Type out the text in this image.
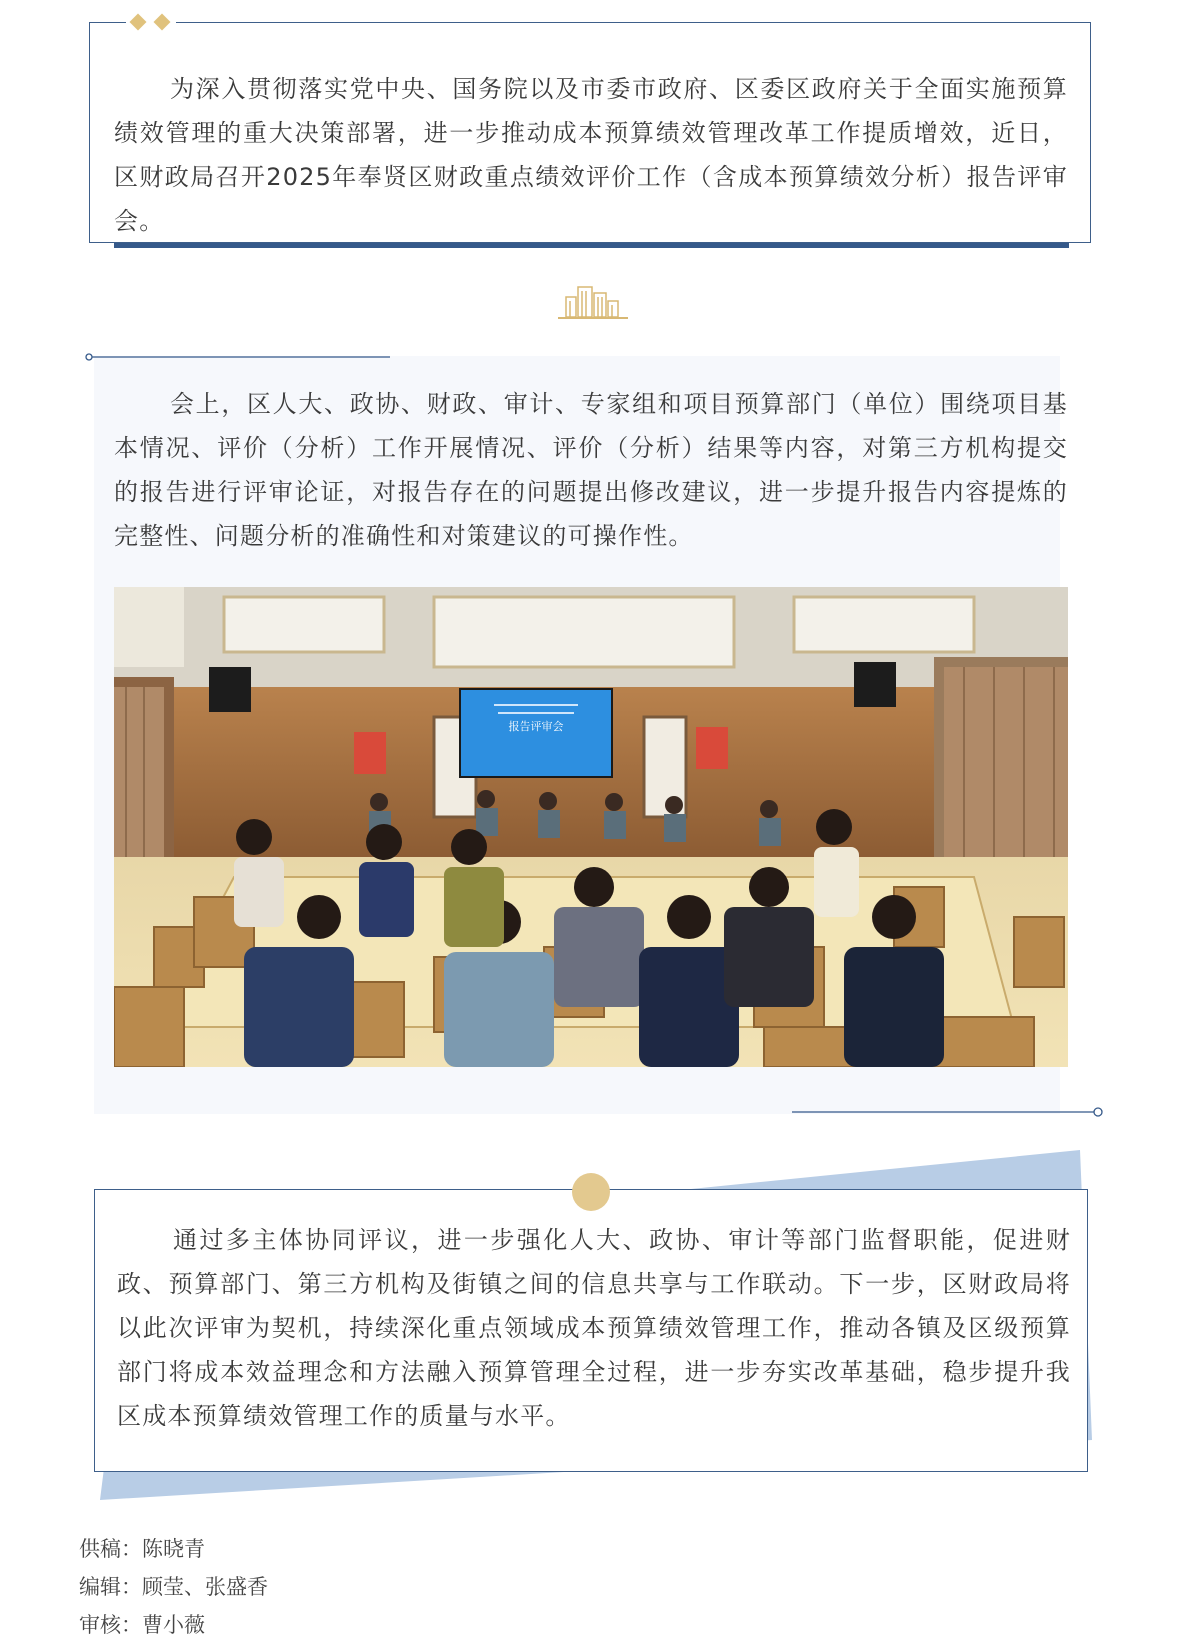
为深入贯彻落实党中央、国务院以及市委市政府、区委区政府关于全面实施预算绩效管理的重大决策部署，进一步推动成本预算绩效管理改革工作提质增效，近日，区财政局召开2025年奉贤区财政重点绩效评价工作（含成本预算绩效分析）报告评审会。

会上，区人大、政协、财政、审计、专家组和项目预算部门（单位）围绕项目基本情况、评价（分析）工作开展情况、评价（分析）结果等内容，对第三方机构提交的报告进行评审论证，对报告存在的问题提出修改建议，进一步提升报告内容提炼的完整性、问题分析的准确性和对策建议的可操作性。

报告评审会

通过多主体协同评议，进一步强化人大、政协、审计等部门监督职能，促进财政、预算部门、第三方机构及街镇之间的信息共享与工作联动。下一步，区财政局将以此次评审为契机，持续深化重点领域成本预算绩效管理工作，推动各镇及区级预算部门将成本效益理念和方法融入预算管理全过程，进一步夯实改革基础，稳步提升我区成本预算绩效管理工作的质量与水平。

供稿：陈晓青
编辑：顾莹、张盛香
审核：曹小薇
